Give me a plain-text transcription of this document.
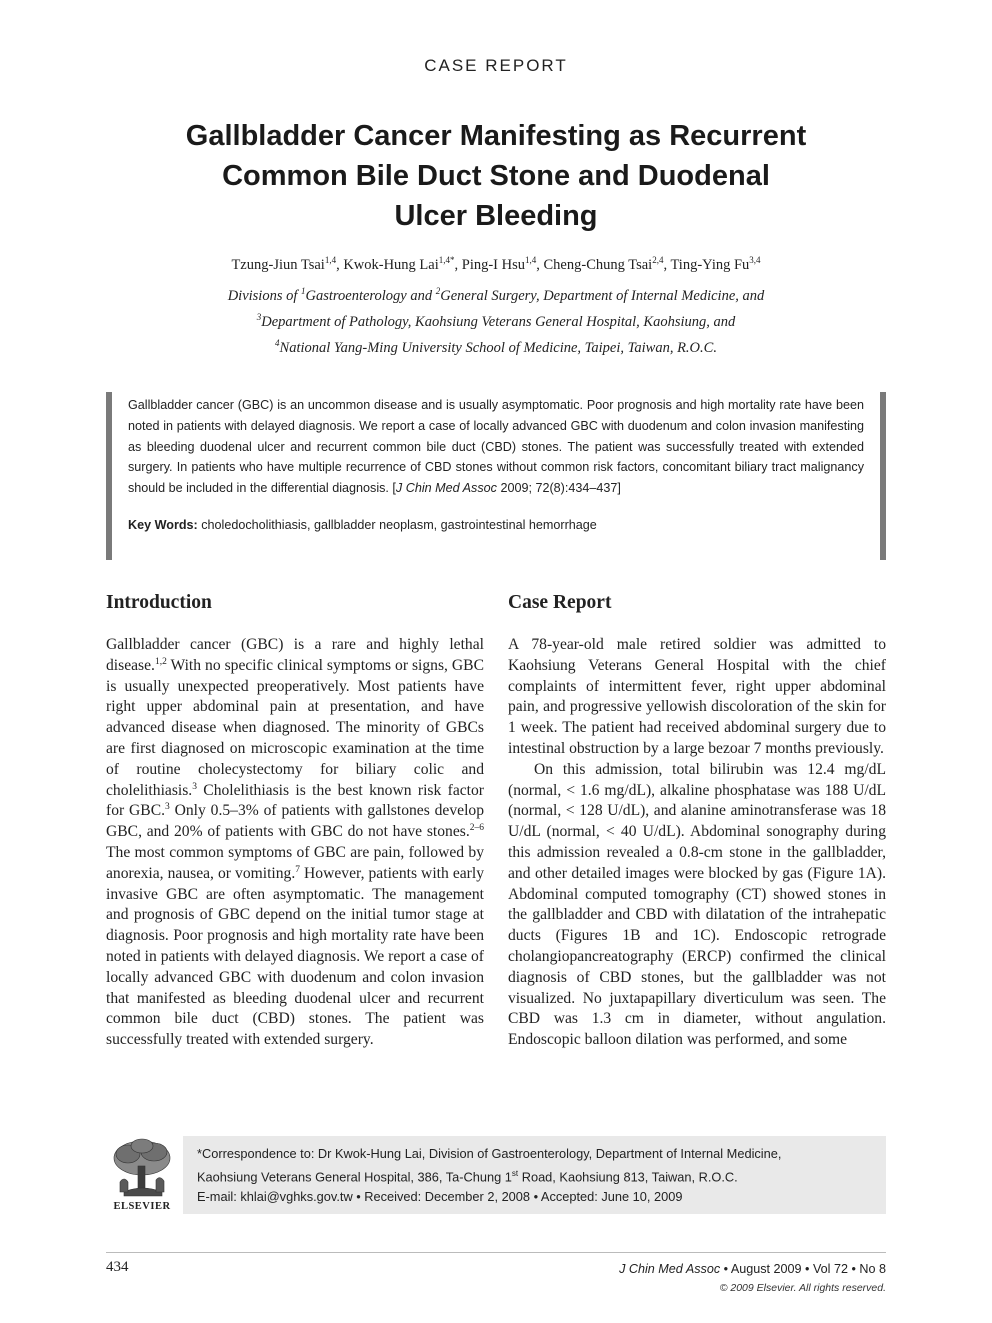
CASE REPORT
Gallbladder Cancer Manifesting as Recurrent
Common Bile Duct Stone and Duodenal
Ulcer Bleeding
Tzung-Jiun Tsai$^{1,4}$, Kwok-Hung Lai$^{1,4*}$, Ping-I Hsu$^{1,4}$, Cheng-Chung Tsai$^{2,4}$, Ting-Ying Fu$^{3,4}$
Divisions of $^1$Gastroenterology and $^2$General Surgery, Department of Internal Medicine, and
$^3$Department of Pathology, Kaohsiung Veterans General Hospital, Kaohsiung, and
$^4$National Yang-Ming University School of Medicine, Taipei, Taiwan, R.O.C.

Gallbladder cancer (GBC) is an uncommon disease and is usually asymptomatic. Poor prognosis and high mortality rate have been noted in patients with delayed diagnosis. We report a case of locally advanced GBC with duodenum and colon invasion manifesting as bleeding duodenal ulcer and recurrent common bile duct (CBD) stones. The patient was successfully treated with extended surgery. In patients who have multiple recurrence of CBD stones without common risk factors, concomitant biliary tract malignancy should be included in the differential diagnosis. [J Chin Med Assoc 2009; 72(8):434–437]

Key Words: choledocholithiasis, gallbladder neoplasm, gastrointestinal hemorrhage
Introduction

Gallbladder cancer (GBC) is a rare and highly lethal disease.$^{1,2}$ With no specific clinical symptoms or signs, GBC is usually unexpected preoperatively. Most patients have right upper abdominal pain at presentation, and have advanced disease when diagnosed. The minority of GBCs are first diagnosed on microscopic examination at the time of routine cholecystectomy for biliary colic and cholelithiasis.$^3$ Cholelithiasis is the best known risk factor for GBC.$^3$ Only 0.5–3% of patients with gallstones develop GBC, and 20% of patients with GBC do not have stones.$^{2-6}$ The most common symptoms of GBC are pain, followed by anorexia, nausea, or vomiting.$^7$ However, patients with early invasive GBC are often asymptomatic. The management and prognosis of GBC depend on the initial tumor stage at diagnosis. Poor prognosis and high mortality rate have been noted in patients with delayed diagnosis. We report a case of locally advanced GBC with duodenum and colon invasion that manifested as bleeding duodenal ulcer and recurrent common bile duct (CBD) stones. The patient was successfully treated with extended surgery.

Case Report

A 78-year-old male retired soldier was admitted to Kaohsiung Veterans General Hospital with the chief complaints of intermittent fever, right upper abdominal pain, and progressive yellowish discoloration of the skin for 1 week. The patient had received abdominal surgery due to intestinal obstruction by a large bezoar 7 months previously.

On this admission, total bilirubin was 12.4 mg/dL (normal, < 1.6 mg/dL), alkaline phosphatase was 188 U/dL (normal, < 128 U/dL), and alanine aminotransferase was 18 U/dL (normal, < 40 U/dL). Abdominal sonography during this admission revealed a 0.8-cm stone in the gallbladder, and other detailed images were blocked by gas (Figure 1A). Abdominal computed tomography (CT) showed stones in the gallbladder and CBD with dilatation of the intrahepatic ducts (Figures 1B and 1C). Endoscopic retrograde cholangiopancreatography (ERCP) confirmed the clinical diagnosis of CBD stones, but the gallbladder was not visualized. No juxtapapillary diverticulum was seen. The CBD was 1.3 cm in diameter, without angulation. Endoscopic balloon dilation was performed, and some

ELSEVIER
*Correspondence to: Dr Kwok-Hung Lai, Division of Gastroenterology, Department of Internal Medicine,
Kaohsiung Veterans General Hospital, 386, Ta-Chung 1st Road, Kaohsiung 813, Taiwan, R.O.C.
E-mail: khlai@vghks.gov.tw • Received: December 2, 2008 • Accepted: June 10, 2009
434	J Chin Med Assoc • August 2009 • Vol 72 • No 8
© 2009 Elsevier. All rights reserved.
